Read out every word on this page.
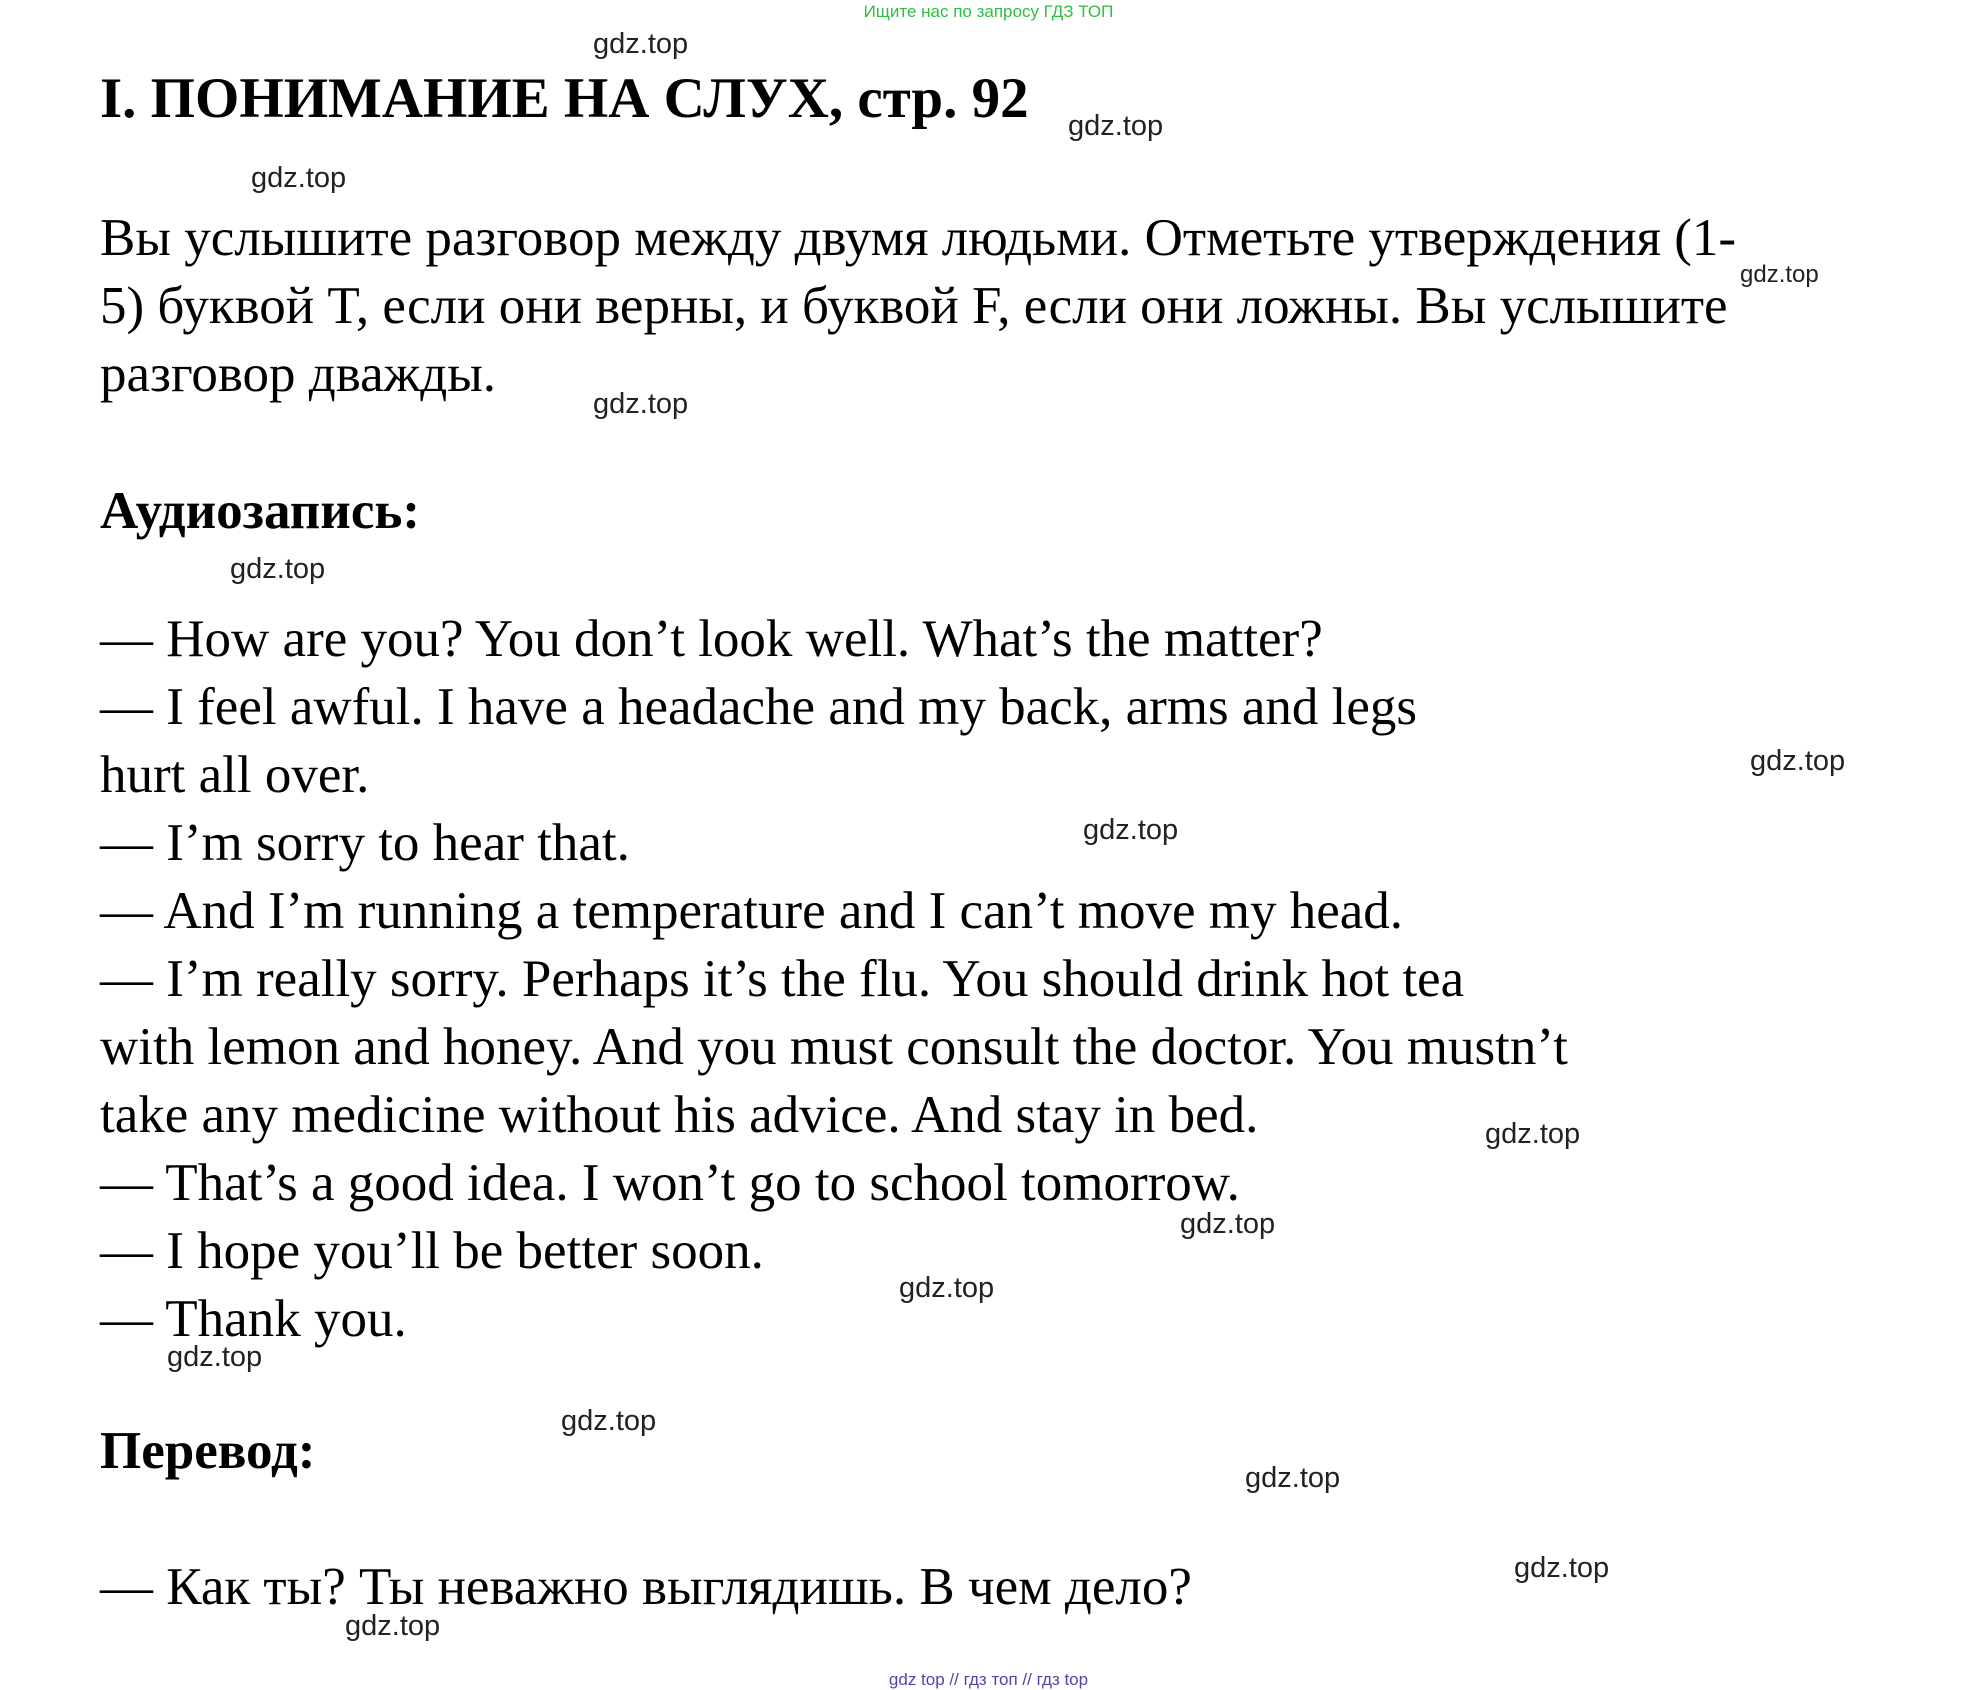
Ищите нас по запросу ГДЗ ТОП
I. ПОНИМАНИЕ НА СЛУХ, стр. 92
Вы услышите разговор между двумя людьми. Отметьте утверждения (1-
5) буквой T, если они верны, и буквой F, если они ложны. Вы услышите
разговор дважды.
Аудиозапись:
— How are you? You don’t look well. What’s the matter?
— I feel awful. I have a headache and my back, arms and legs
hurt all over.
— I’m sorry to hear that.
— And I’m running a temperature and I can’t move my head.
— I’m really sorry. Perhaps it’s the flu. You should drink hot tea
with lemon and honey. And you must consult the doctor. You mustn’t
take any medicine without his advice. And stay in bed.
— That’s a good idea. I won’t go to school tomorrow.
— I hope you’ll be better soon.
— Thank you.
Перевод:
— Как ты? Ты неважно выглядишь. В чем дело?
gdz.top
gdz.top
gdz.top
gdz.top
gdz.top
gdz.top
gdz.top
gdz.top
gdz.top
gdz.top
gdz.top
gdz.top
gdz.top
gdz.top
gdz.top
gdz.top
gdz top // гдз топ // гдз top
